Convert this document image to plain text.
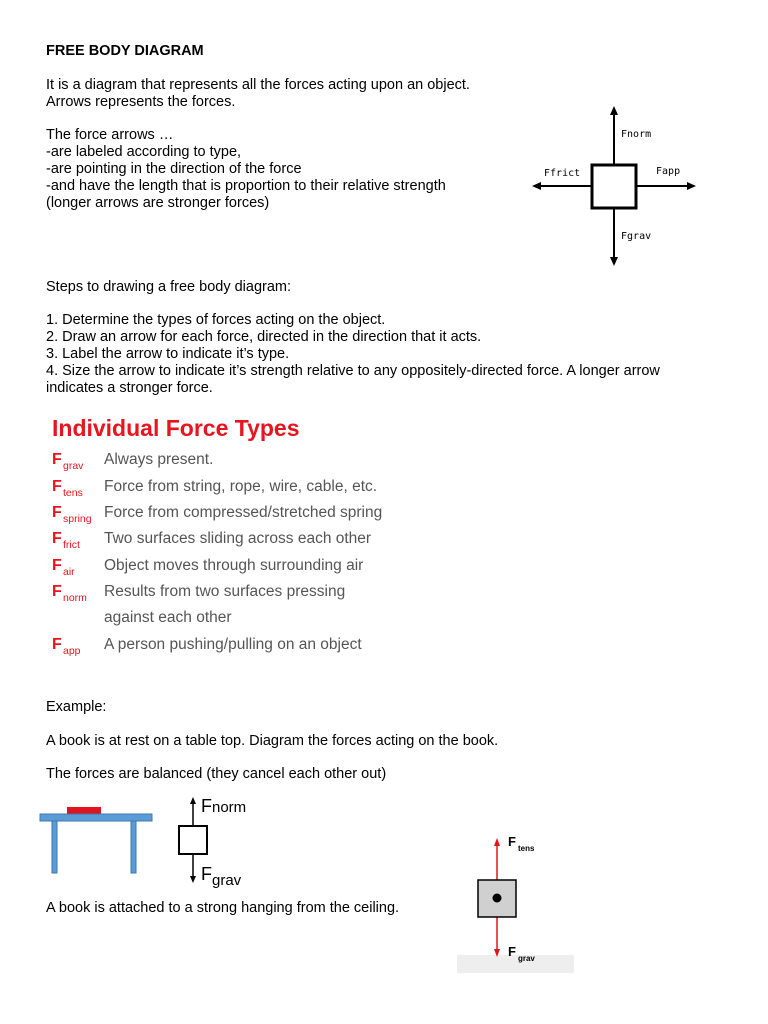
FREE BODY DIAGRAM
It is a diagram that represents all the forces acting upon an object.
Arrows represents the forces.
The force arrows …
-are labeled according to type,
-are pointing in the direction of the force
-and have the length that is proportion to their relative strength
(longer arrows are stronger forces)
Fnorm
Ffrict	Fapp
Fgrav
Steps to drawing a free body diagram:
1. Determine the types of forces acting on the object.
2. Draw an arrow for each force, directed in the direction that it acts.
3. Label the arrow to indicate it’s type.
4. Size the arrow to indicate it’s strength relative to any oppositely-directed force. A longer arrow
indicates a stronger force.
Individual Force Types
F grav Always present.
F tens Force from string, rope, wire, cable, etc.
F spring Force from compressed/stretched spring
F frict Two surfaces sliding across each other
F air Object moves through surrounding air
F norm Results from two surfaces pressing
against each other
F app A person pushing/pulling on an object
Example:
A book is at rest on a table top. Diagram the forces acting on the book.
The forces are balanced (they cancel each other out)
Fnorm
$F_{grav}$
A book is attached to a strong hanging from the ceiling.
F $_{tens}$
F $_{grav}$
